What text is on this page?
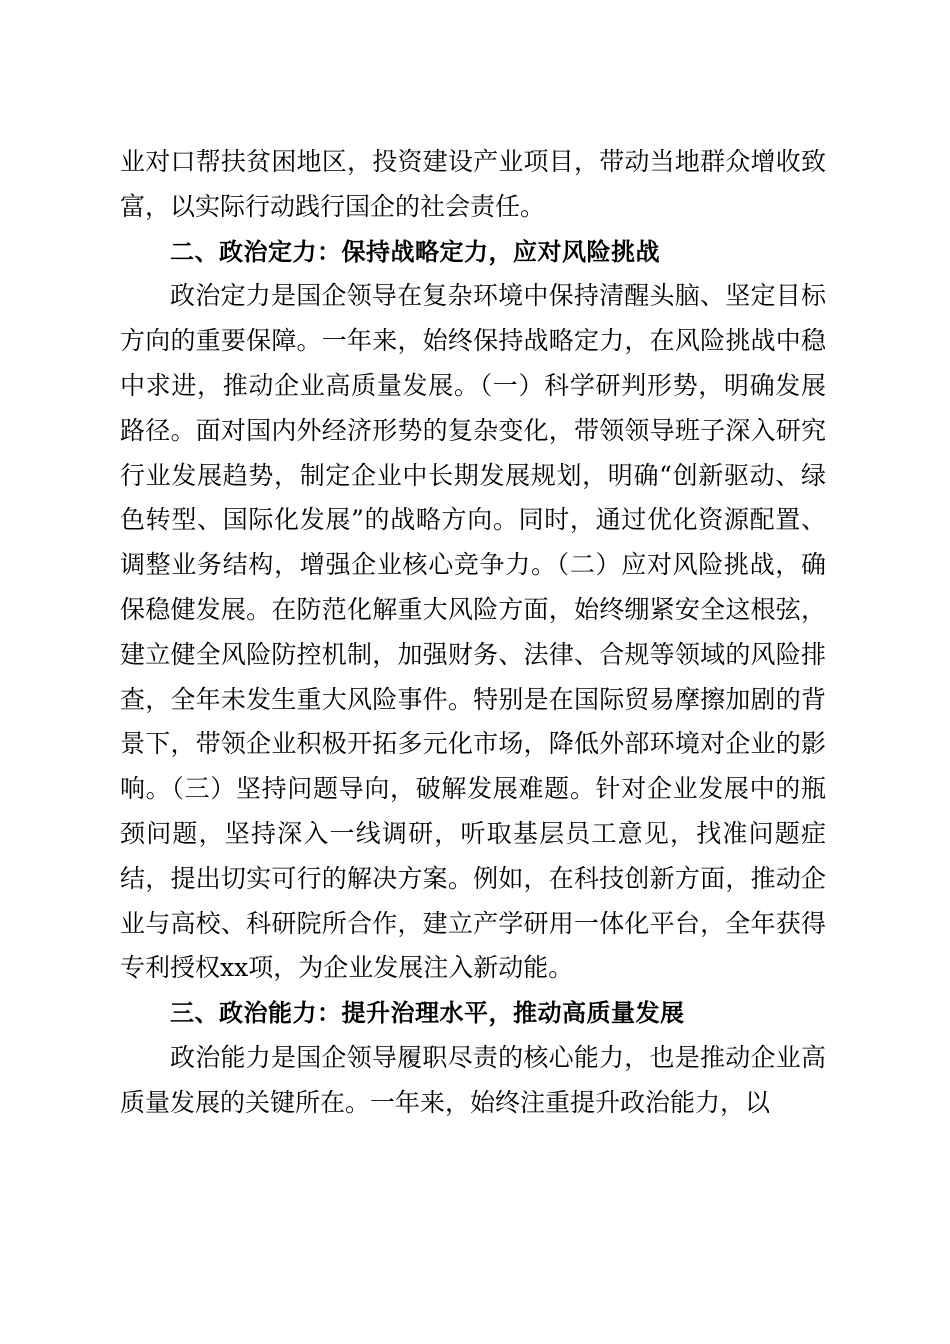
业对口帮扶贫困地区，投资建设产业项目，带动当地群众增收致富，以实际行动践行国企的社会责任。

二、政治定力：保持战略定力，应对风险挑战

政治定力是国企领导在复杂环境中保持清醒头脑、坚定目标方向的重要保障。一年来，始终保持战略定力，在风险挑战中稳中求进，推动企业高质量发展。（一）科学研判形势，明确发展路径。面对国内外经济形势的复杂变化，带领领导班子深入研究行业发展趋势，制定企业中长期发展规划，明确“创新驱动、绿色转型、国际化发展”的战略方向。同时，通过优化资源配置、调整业务结构，增强企业核心竞争力。（二）应对风险挑战，确保稳健发展。在防范化解重大风险方面，始终绷紧安全这根弦，建立健全风险防控机制，加强财务、法律、合规等领域的风险排查，全年未发生重大风险事件。特别是在国际贸易摩擦加剧的背景下，带领企业积极开拓多元化市场，降低外部环境对企业的影响。（三）坚持问题导向，破解发展难题。针对企业发展中的瓶颈问题，坚持深入一线调研，听取基层员工意见，找准问题症结，提出切实可行的解决方案。例如，在科技创新方面，推动企业与高校、科研院所合作，建立产学研用一体化平台，全年获得专利授权xx项，为企业发展注入新动能。

三、政治能力：提升治理水平，推动高质量发展

政治能力是国企领导履职尽责的核心能力，也是推动企业高质量发展的关键所在。一年来，始终注重提升政治能力，以
